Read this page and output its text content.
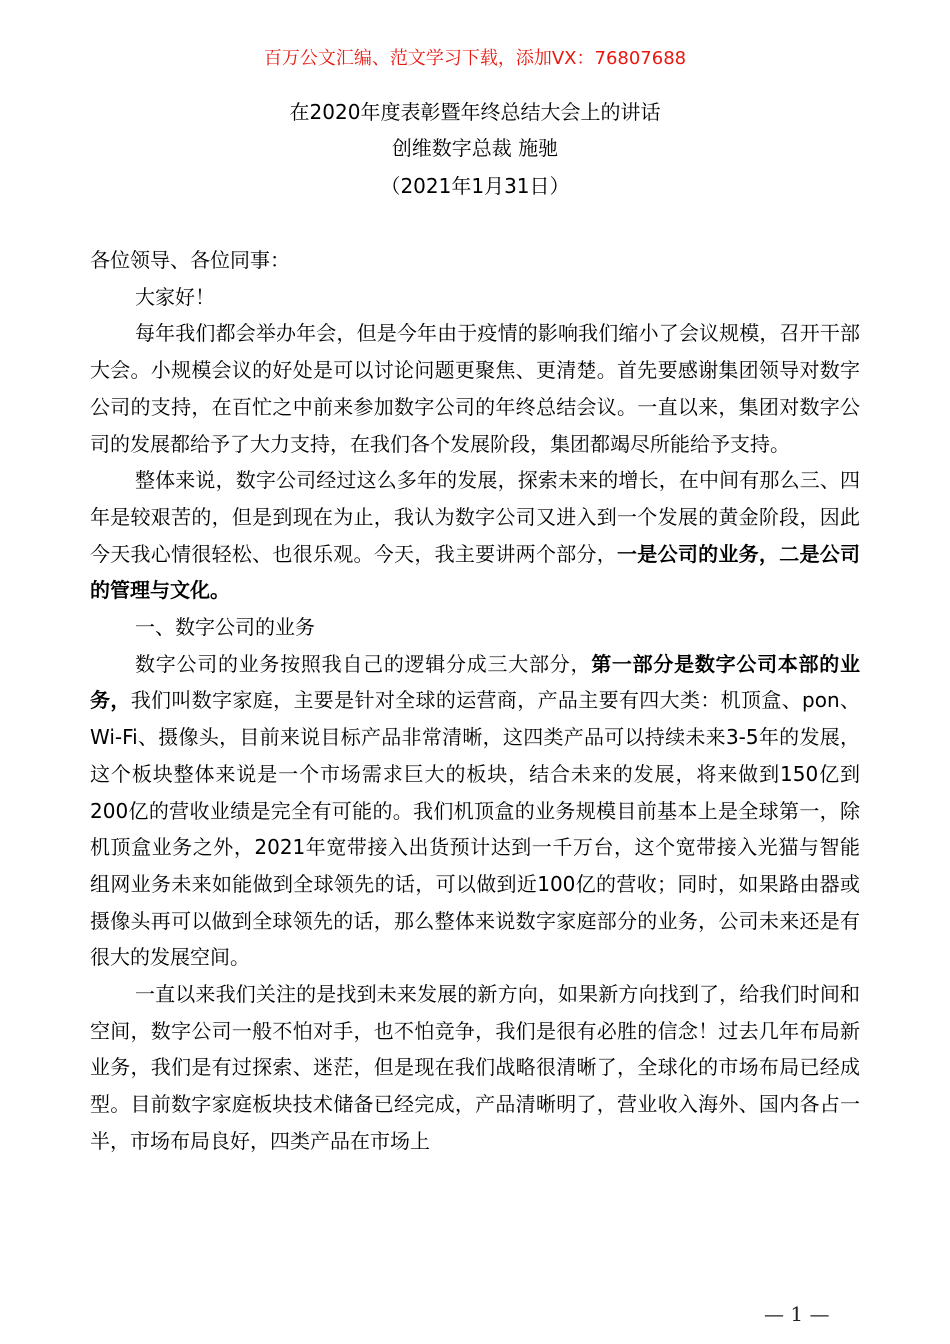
百万公文汇编、范文学习下载，添加VX：76807688
在2020年度表彰暨年终总结大会上的讲话
创维数字总裁 施驰
（2021年1月31日）

各位领导、各位同事：

大家好！

每年我们都会举办年会，但是今年由于疫情的影响我们缩小了会议规模，召开干部大会。小规模会议的好处是可以讨论问题更聚焦、更清楚。首先要感谢集团领导对数字公司的支持，在百忙之中前来参加数字公司的年终总结会议。一直以来，集团对数字公司的发展都给予了大力支持，在我们各个发展阶段，集团都竭尽所能给予支持。

整体来说，数字公司经过这么多年的发展，探索未来的增长，在中间有那么三、四年是较艰苦的，但是到现在为止，我认为数字公司又进入到一个发展的黄金阶段，因此今天我心情很轻松、也很乐观。今天，我主要讲两个部分，一是公司的业务，二是公司的管理与文化。

一、数字公司的业务

数字公司的业务按照我自己的逻辑分成三大部分，第一部分是数字公司本部的业务，我们叫数字家庭，主要是针对全球的运营商，产品主要有四大类：机顶盒、pon、Wi-Fi、摄像头，目前来说目标产品非常清晰，这四类产品可以持续未来3-5年的发展，这个板块整体来说是一个市场需求巨大的板块，结合未来的发展，将来做到150亿到200亿的营收业绩是完全有可能的。我们机顶盒的业务规模目前基本上是全球第一，除机顶盒业务之外，2021年宽带接入出货预计达到一千万台，这个宽带接入光猫与智能组网业务未来如能做到全球领先的话，可以做到近100亿的营收；同时，如果路由器或摄像头再可以做到全球领先的话，那么整体来说数字家庭部分的业务，公司未来还是有很大的发展空间。

一直以来我们关注的是找到未来发展的新方向，如果新方向找到了，给我们时间和空间，数字公司一般不怕对手，也不怕竞争，我们是很有必胜的信念！过去几年布局新业务，我们是有过探索、迷茫，但是现在我们战略很清晰了，全球化的市场布局已经成型。目前数字家庭板块技术储备已经完成，产品清晰明了，营业收入海外、国内各占一半，市场布局良好，四类产品在市场上

— 1 —
